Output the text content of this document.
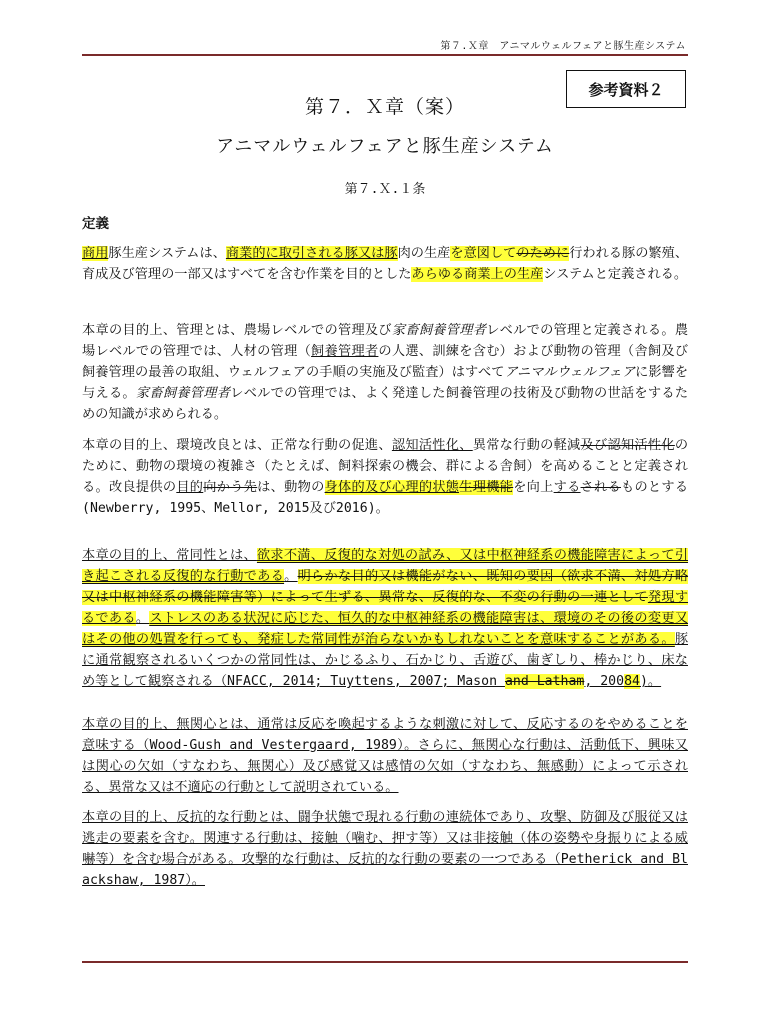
第７.Ｘ章　アニマルウェルフェアと豚生産システム
参考資料２
第７．Ｘ章（案）
アニマルウェルフェアと豚生産システム
第７.Ｘ.１条
定義
商用豚生産システムは、商業的に取引される豚又は豚肉の生産を意図してのために行われる豚の繁殖、育成及び管理の一部又はすべてを含む作業を目的としたあらゆる商業上の生産システムと定義される。
本章の目的上、管理とは、農場レベルでの管理及び家畜飼養管理者レベルでの管理と定義される。農場レベルでの管理では、人材の管理（飼養管理者の人選、訓練を含む）および動物の管理（舎飼及び飼養管理の最善の取組、ウェルフェアの手順の実施及び監査）はすべてアニマルウェルフェアに影響を与える。家畜飼養管理者レベルでの管理では、よく発達した飼養管理の技術及び動物の世話をするための知識が求められる。
本章の目的上、環境改良とは、正常な行動の促進、認知活性化、異常な行動の軽減及び認知活性化のために、動物の環境の複雑さ（たとえば、飼料探索の機会、群による舎飼）を高めることと定義される。改良提供の目的向かう先は、動物の身体的及び心理的状態生理機能を向上するされるものとする(Newberry, 1995、Mellor, 2015及び2016)。
本章の目的上、常同性とは、欲求不満、反復的な対処の試み、又は中枢神経系の機能障害によって引き起こされる反復的な行動である。明らかな目的又は機能がない、既知の要因（欲求不満、対処方略又は中枢神経系の機能障害等）によって生ずる、異常な、反復的な、不変の行動の一連として発現するである。ストレスのある状況に応じた、恒久的な中枢神経系の機能障害は、環境のその後の変更又はその他の処置を行っても、発症した常同性が治らないかもしれないことを意味することがある。豚に通常観察されるいくつかの常同性は、かじるふり、石かじり、舌遊び、歯ぎしり、棒かじり、床なめ等として観察される（NFACC, 2014; Tuyttens, 2007; Mason and Latham, 20084)。
本章の目的上、無関心とは、通常は反応を喚起するような刺激に対して、反応するのをやめることを意味する（Wood-Gush and Vestergaard, 1989）。さらに、無関心な行動は、活動低下、興味又は関心の欠如（すなわち、無関心）及び感覚又は感情の欠如（すなわち、無感動）によって示される、異常な又は不適応の行動として説明されている。
本章の目的上、反抗的な行動とは、闘争状態で現れる行動の連続体であり、攻撃、防御及び服従又は逃走の要素を含む。関連する行動は、接触（噛む、押す等）又は非接触（体の姿勢や身振りによる威嚇等）を含む場合がある。攻撃的な行動は、反抗的な行動の要素の一つである（Petherick and Blackshaw, 1987）。
